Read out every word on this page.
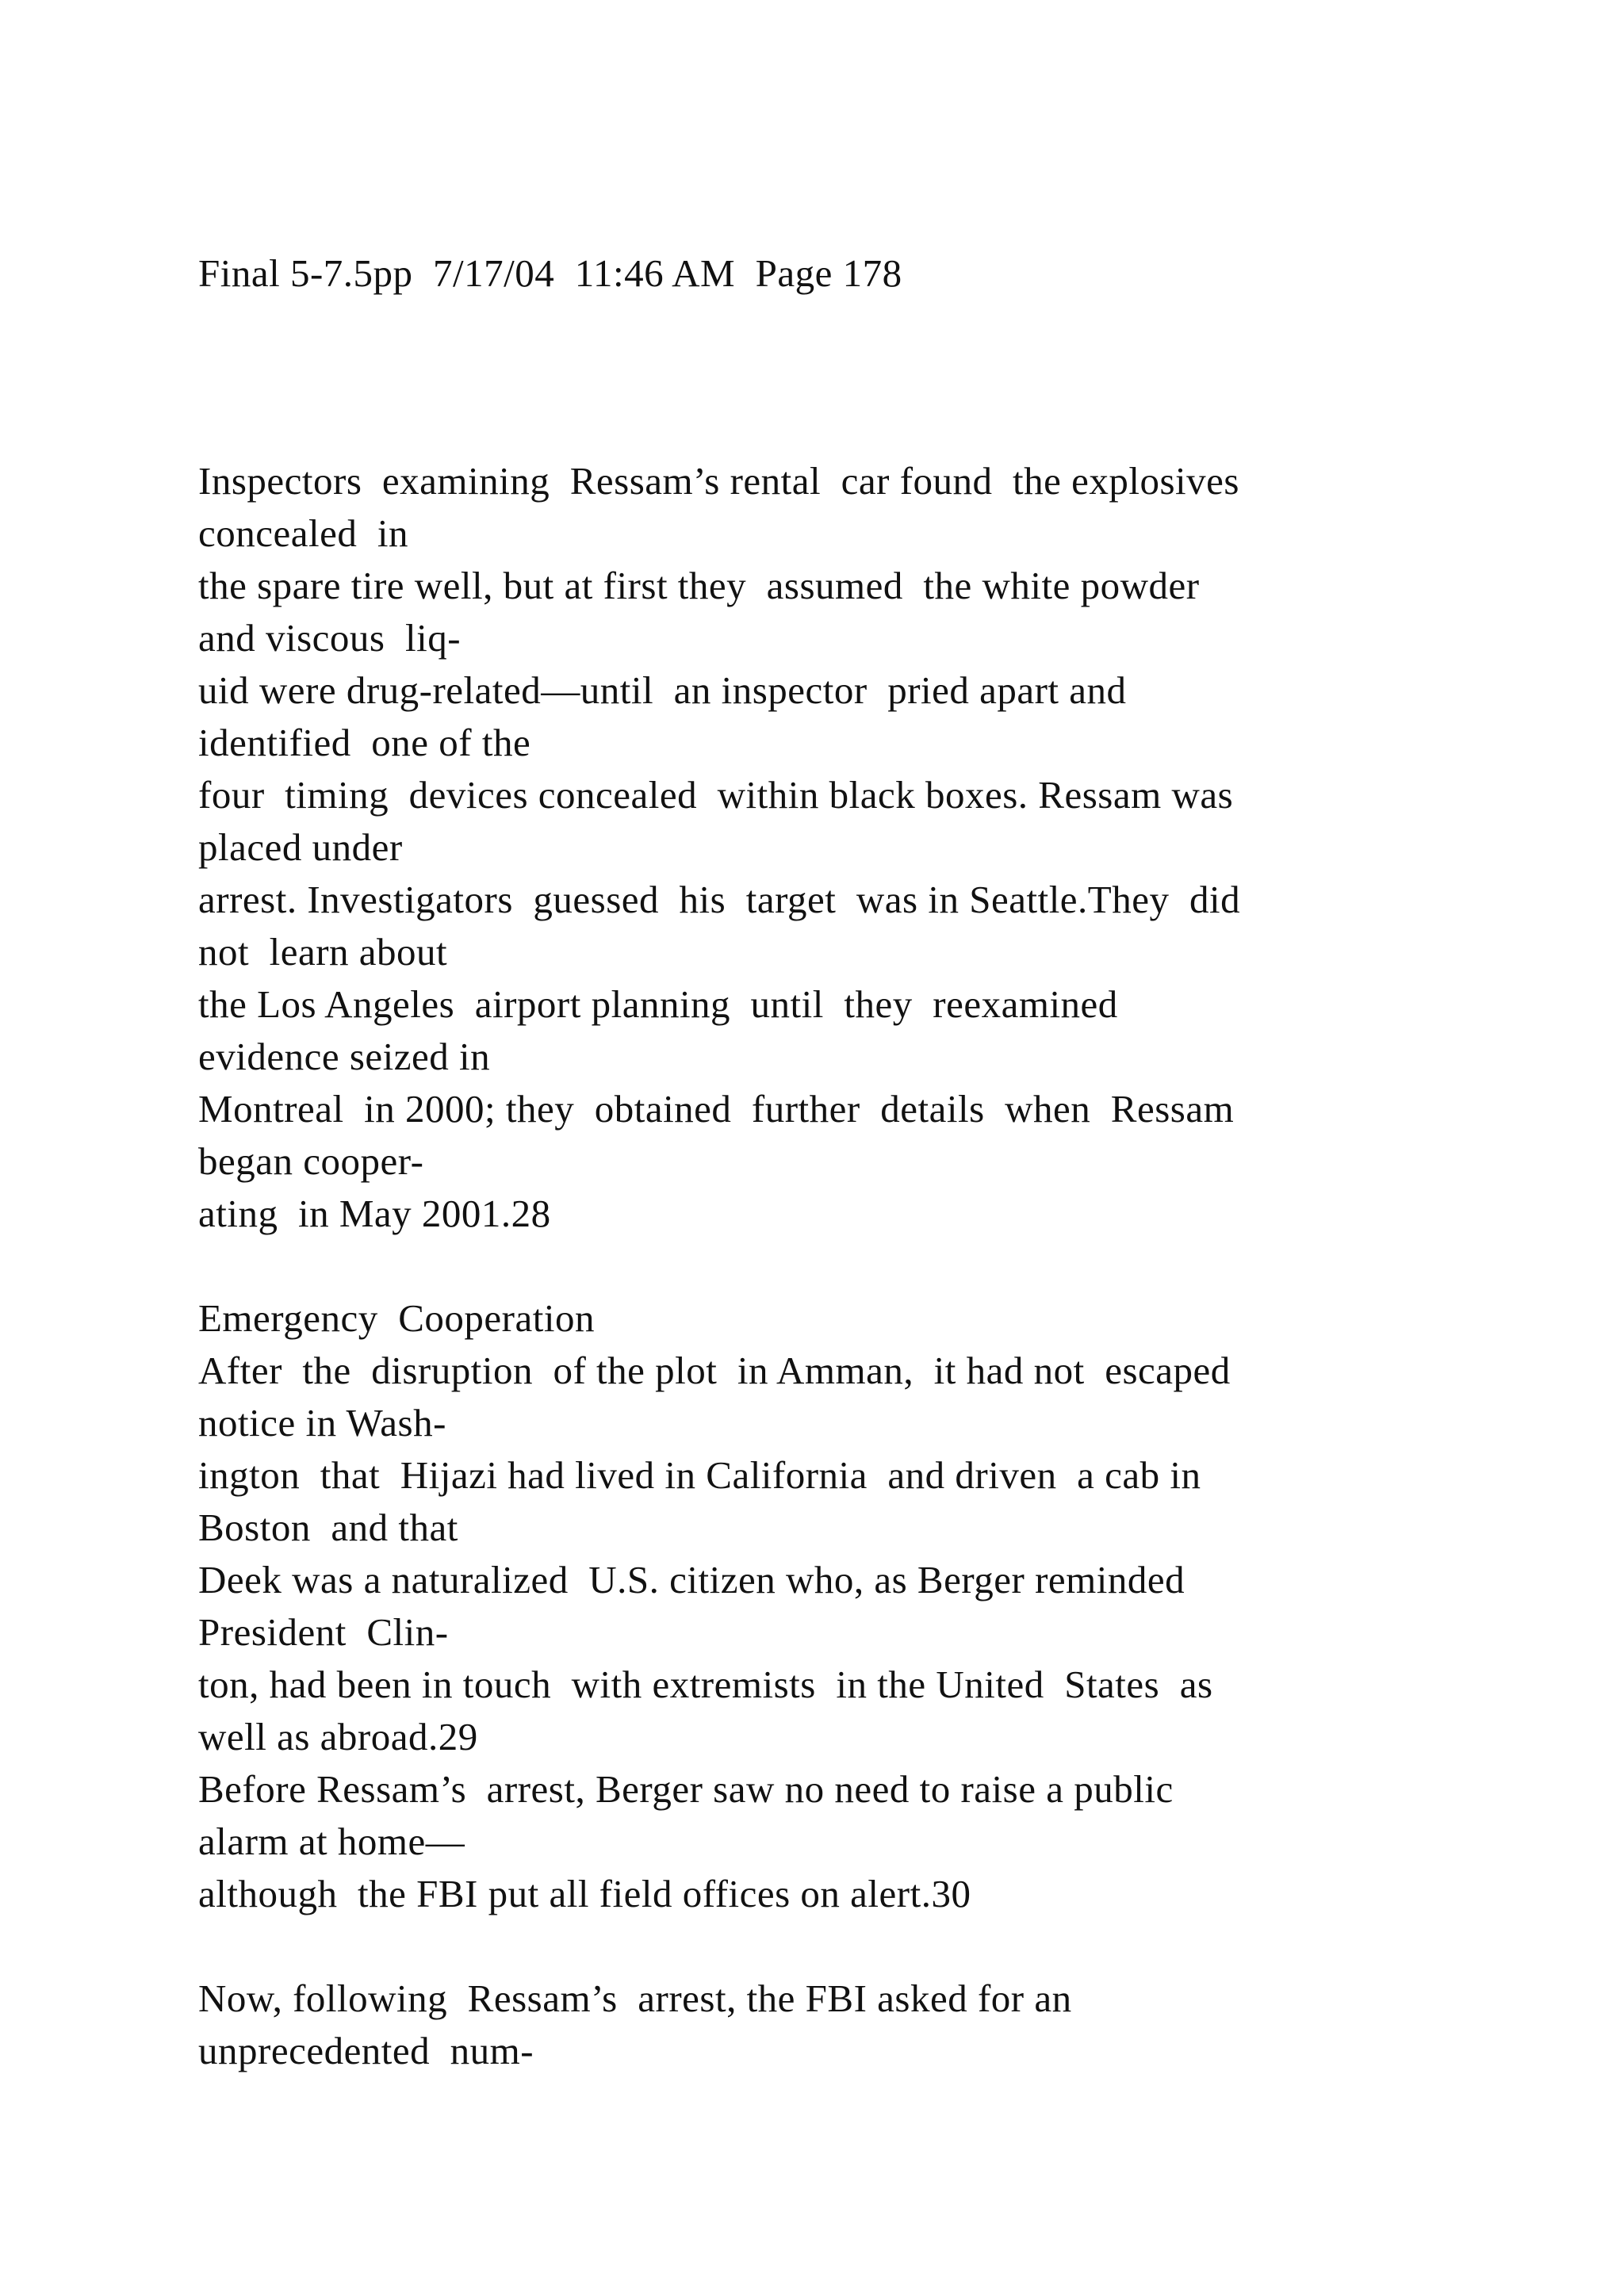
Final 5-7.5pp  7/17/04  11:46 AM  Page 178
Inspectors  examining  Ressam’s rental  car found  the explosives
concealed  in
the spare tire well, but at first they  assumed  the white powder
and viscous  liq-
uid were drug-related—until  an inspector  pried apart and
identified  one of the
four  timing  devices concealed  within black boxes. Ressam was
placed under
arrest. Investigators  guessed  his  target  was in Seattle.They  did
not  learn about
the Los Angeles  airport planning  until  they  reexamined
evidence seized in
Montreal  in 2000; they  obtained  further  details  when  Ressam
began cooper-
ating  in May 2001.28
Emergency  Cooperation
After  the  disruption  of the plot  in Amman,  it had not  escaped
notice in Wash-
ington  that  Hijazi had lived in California  and driven  a cab in
Boston  and that
Deek was a naturalized  U.S. citizen who, as Berger reminded
President  Clin-
ton, had been in touch  with extremists  in the United  States  as
well as abroad.29
Before Ressam’s  arrest, Berger saw no need to raise a public
alarm at home—
although  the FBI put all field offices on alert.30
Now, following  Ressam’s  arrest, the FBI asked for an
unprecedented  num-
